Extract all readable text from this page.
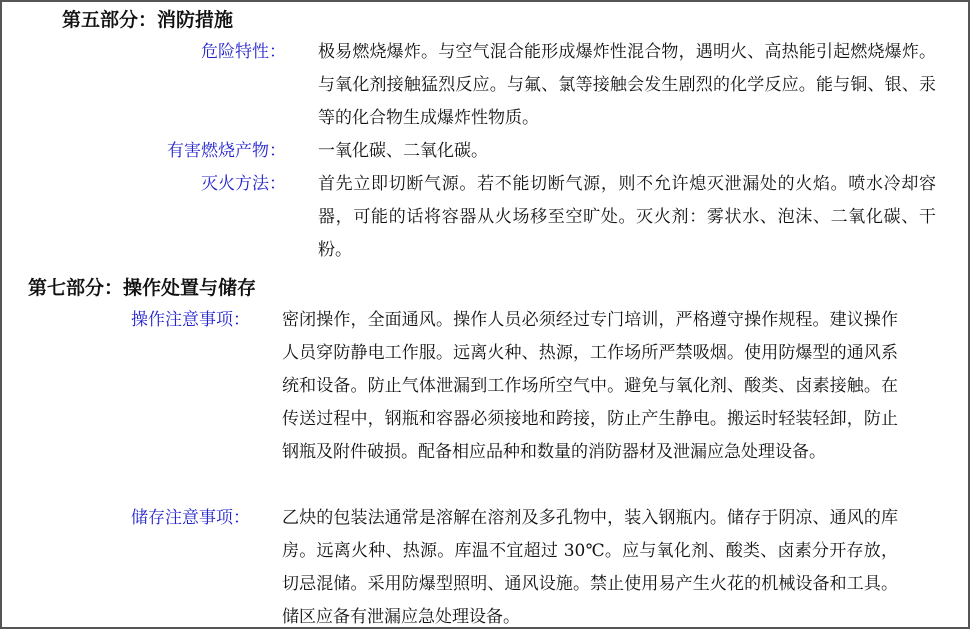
第五部分：消防措施
危险特性： 极易燃烧爆炸。与空气混合能形成爆炸性混合物，遇明火、高热能引起燃烧爆炸。与氧化剂接触猛烈反应。与氟、氯等接触会发生剧烈的化学反应。能与铜、银、汞等的化合物生成爆炸性物质。
有害燃烧产物： 一氧化碳、二氧化碳。
灭火方法： 首先立即切断气源。若不能切断气源，则不允许熄灭泄漏处的火焰。喷水冷却容器，可能的话将容器从火场移至空旷处。灭火剂：雾状水、泡沫、二氧化碳、干粉。
第七部分：操作处置与储存
操作注意事项： 密闭操作，全面通风。操作人员必须经过专门培训，严格遵守操作规程。建议操作人员穿防静电工作服。远离火种、热源，工作场所严禁吸烟。使用防爆型的通风系统和设备。防止气体泄漏到工作场所空气中。避免与氧化剂、酸类、卤素接触。在传送过程中，钢瓶和容器必须接地和跨接，防止产生静电。搬运时轻装轻卸，防止钢瓶及附件破损。配备相应品种和数量的消防器材及泄漏应急处理设备。
储存注意事项： 乙炔的包装法通常是溶解在溶剂及多孔物中，装入钢瓶内。储存于阴凉、通风的库房。远离火种、热源。库温不宜超过 30℃。应与氧化剂、酸类、卤素分开存放，切忌混储。采用防爆型照明、通风设施。禁止使用易产生火花的机械设备和工具。储区应备有泄漏应急处理设备。
